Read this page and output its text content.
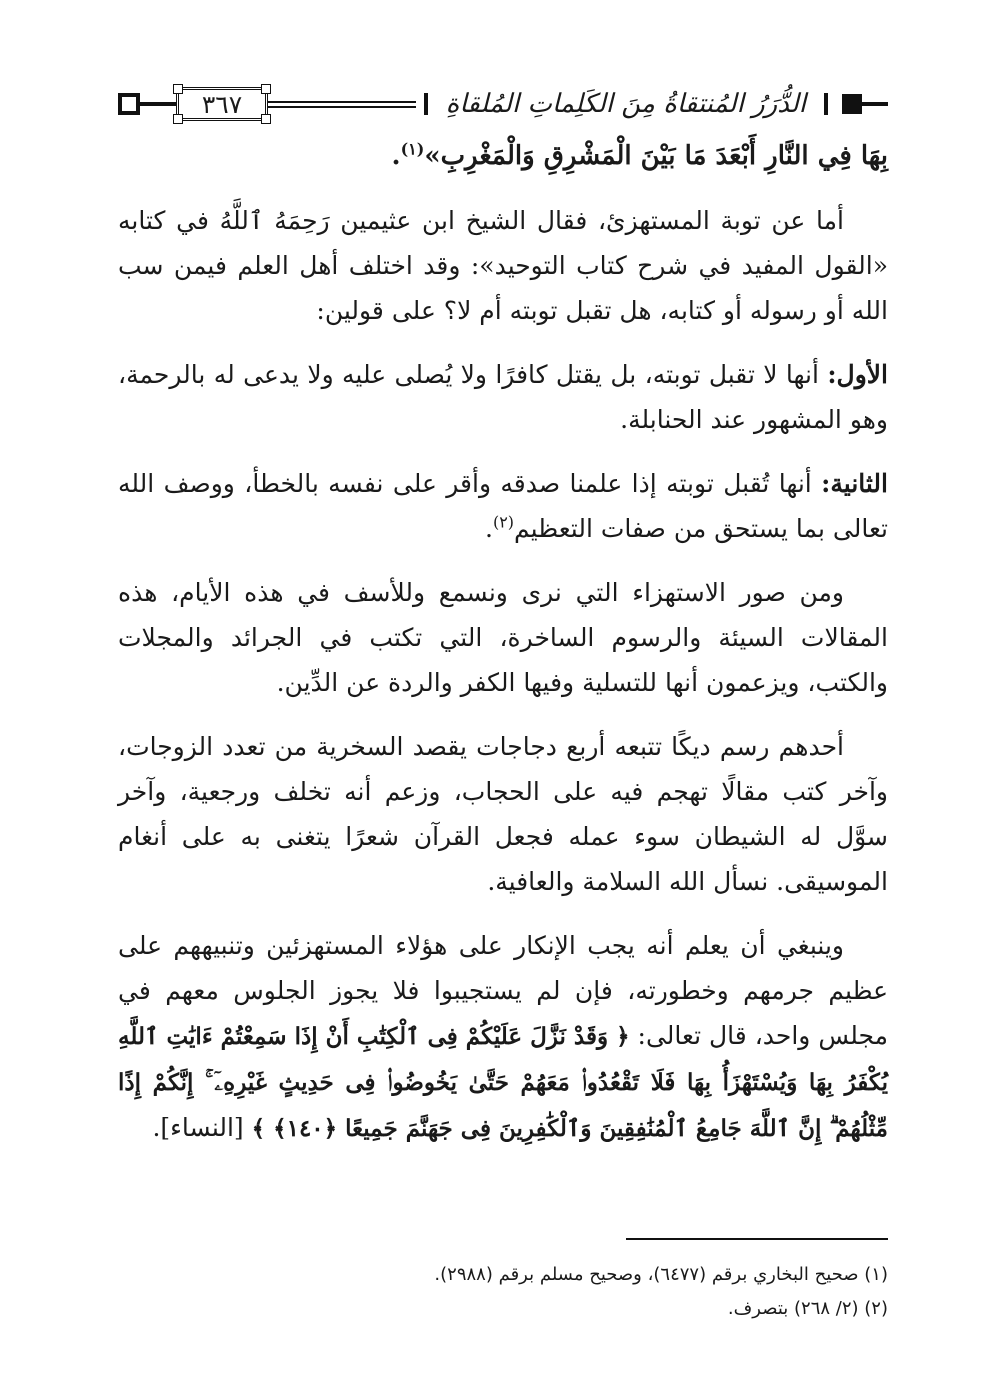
٣٦٧	الدُّرَرُ المُنتقاةُ مِنَ الكَلِماتِ المُلقاةِ

بِهَا فِي النَّارِ أَبْعَدَ مَا بَيْنَ الْمَشْرِقِ وَالْمَغْرِبِ»$^{(١)}$.

أما عن توبة المستهزئ، فقال الشيخ ابن عثيمين رَحِمَهُ ٱللَّهُ في كتابه «القول المفيد في شرح كتاب التوحيد»: وقد اختلف أهل العلم فيمن سب الله أو رسوله أو كتابه، هل تقبل توبته أم لا؟ على قولين:

الأول: أنها لا تقبل توبته، بل يقتل كافرًا ولا يُصلى عليه ولا يدعى له بالرحمة، وهو المشهور عند الحنابلة.

الثانية: أنها تُقبل توبته إذا علمنا صدقه وأقر على نفسه بالخطأ، ووصف الله تعالى بما يستحق من صفات التعظيم$^{(٢)}$.

ومن صور الاستهزاء التي نرى ونسمع وللأسف في هذه الأيام، هذه المقالات السيئة والرسوم الساخرة، التي تكتب في الجرائد والمجلات والكتب، ويزعمون أنها للتسلية وفيها الكفر والردة عن الدِّين.

أحدهم رسم ديكًا تتبعه أربع دجاجات يقصد السخرية من تعدد الزوجات، وآخر كتب مقالًا تهجم فيه على الحجاب، وزعم أنه تخلف ورجعية، وآخر سوَّل له الشيطان سوء عمله فجعل القرآن شعرًا يتغنى به على أنغام الموسيقى. نسأل الله السلامة والعافية.

وينبغي أن يعلم أنه يجب الإنكار على هؤلاء المستهزئين وتنبيههم على عظيم جرمهم وخطورته، فإن لم يستجيبوا فلا يجوز الجلوس معهم في مجلس واحد، قال تعالى: ﴿ وَقَدْ نَزَّلَ عَلَيْكُمْ فِى ٱلْكِتَٰبِ أَنْ إِذَا سَمِعْتُمْ ءَايَٰتِ ٱللَّهِ يُكْفَرُ بِهَا وَيُسْتَهْزَأُ بِهَا فَلَا تَقْعُدُوا۟ مَعَهُمْ حَتَّىٰ يَخُوضُوا۟ فِى حَدِيثٍ غَيْرِهِۦٓ ۚ إِنَّكُمْ إِذًا مِّثْلُهُمْ ۗ إِنَّ ٱللَّهَ جَامِعُ ٱلْمُنَٰفِقِينَ وَٱلْكَٰفِرِينَ فِى جَهَنَّمَ جَمِيعًا ﴿١٤٠﴾ ﴾ [النساء].

(١) صحيح البخاري برقم (٦٤٧٧)، وصحيح مسلم برقم (٢٩٨٨).

(٢) (٢/ ٢٦٨) بتصرف.
